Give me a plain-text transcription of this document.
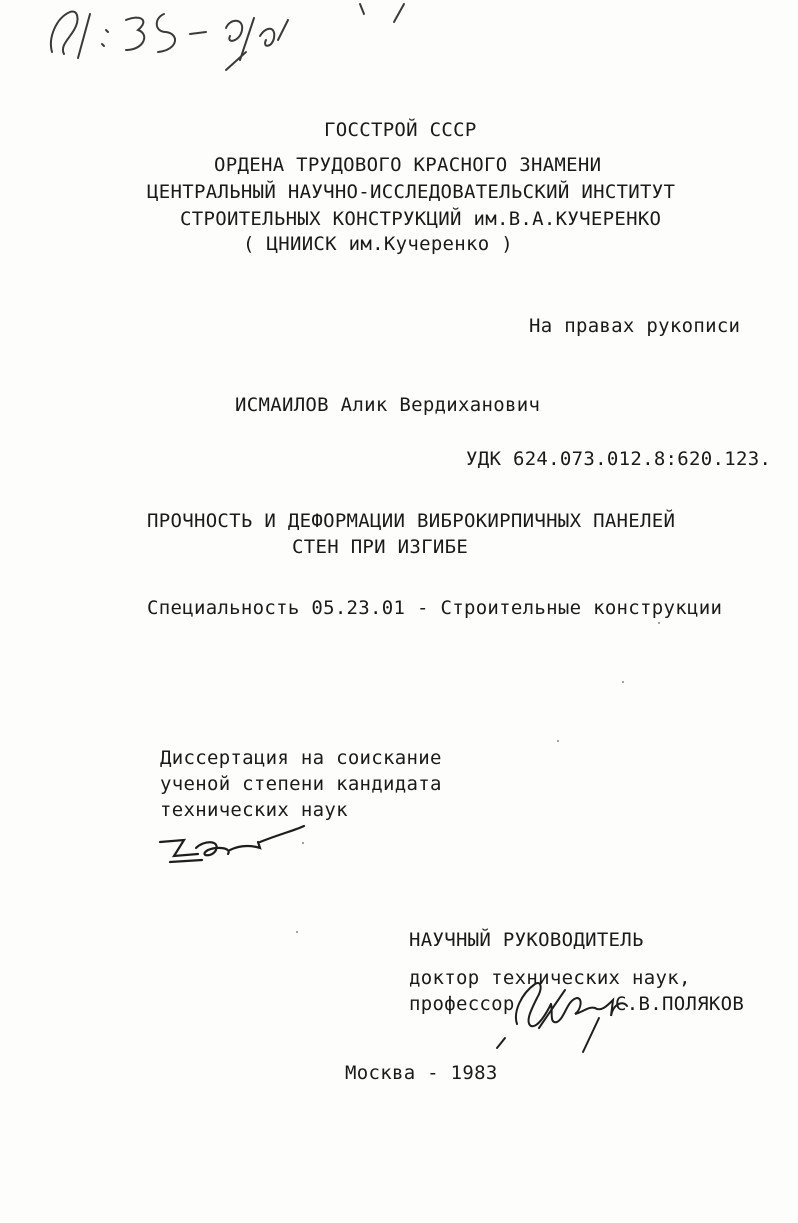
ГОССТРОЙ СССР
ОРДЕНА ТРУДОВОГО КРАСНОГО ЗНАМЕНИ
ЦЕНТРАЛЬНЫЙ НАУЧНО-ИССЛЕДОВАТЕЛЬСКИЙ ИНСТИТУТ
СТРОИТЕЛЬНЫХ КОНСТРУКЦИЙ им.В.А.КУЧЕРЕНКО
( ЦНИИСК им.Кучеренко )
На правах рукописи
ИСМАИЛОВ Алик Вердиханович
УДК 624.073.012.8:620.123.
ПРОЧНОСТЬ И ДЕФОРМАЦИИ ВИБРОКИРПИЧНЫХ ПАНЕЛЕЙ
СТЕН ПРИ ИЗГИБЕ
Специальность 05.23.01 - Строительные конструкции
Диссертация на соискание
ученой степени кандидата
технических наук
НАУЧНЫЙ РУКОВОДИТЕЛЬ
доктор технических наук,
профессор	С.В.ПОЛЯКОВ
Москва - 1983
